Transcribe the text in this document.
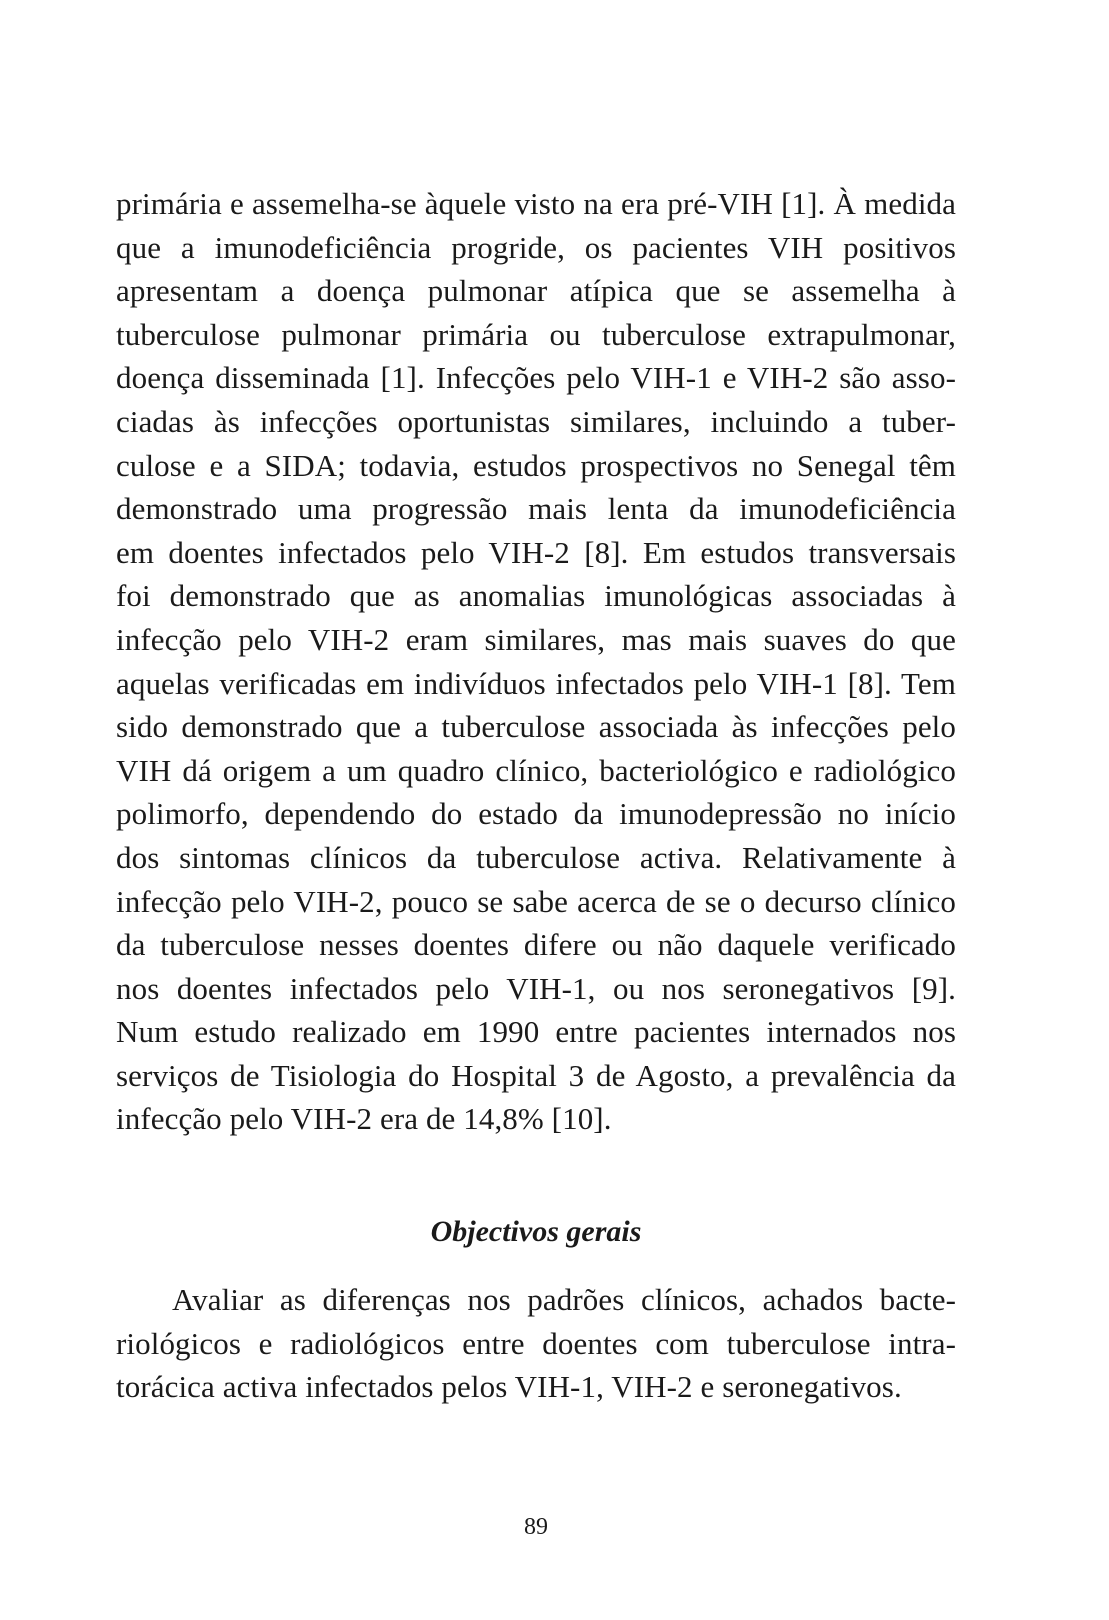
primária e assemelha-se àquele visto na era pré-VIH [1]. À medida
que a imunodeficiência progride, os pacientes VIH positivos
apresentam a doença pulmonar atípica que se assemelha à
tuberculose pulmonar primária ou tuberculose extrapulmonar,
doença disseminada [1]. Infecções pelo VIH-1 e VIH-2 são asso-
ciadas às infecções oportunistas similares, incluindo a tuber-
culose e a SIDA; todavia, estudos prospectivos no Senegal têm
demonstrado uma progressão mais lenta da imunodeficiência
em doentes infectados pelo VIH-2 [8]. Em estudos transversais
foi demonstrado que as anomalias imunológicas associadas à
infecção pelo VIH-2 eram similares, mas mais suaves do que
aquelas verificadas em indivíduos infectados pelo VIH-1 [8]. Tem
sido demonstrado que a tuberculose associada às infecções pelo
VIH dá origem a um quadro clínico, bacteriológico e radiológico
polimorfo, dependendo do estado da imunodepressão no início
dos sintomas clínicos da tuberculose activa. Relativamente à
infecção pelo VIH-2, pouco se sabe acerca de se o decurso clínico
da tuberculose nesses doentes difere ou não daquele verificado
nos doentes infectados pelo VIH-1, ou nos seronegativos [9].
Num estudo realizado em 1990 entre pacientes internados nos
serviços de Tisiologia do Hospital 3 de Agosto, a prevalência da
infecção pelo VIH-2 era de 14,8% [10].

Objectivos gerais

Avaliar as diferenças nos padrões clínicos, achados bacte-
riológicos e radiológicos entre doentes com tuberculose intra-
torácica activa infectados pelos VIH-1, VIH-2 e seronegativos.

89
